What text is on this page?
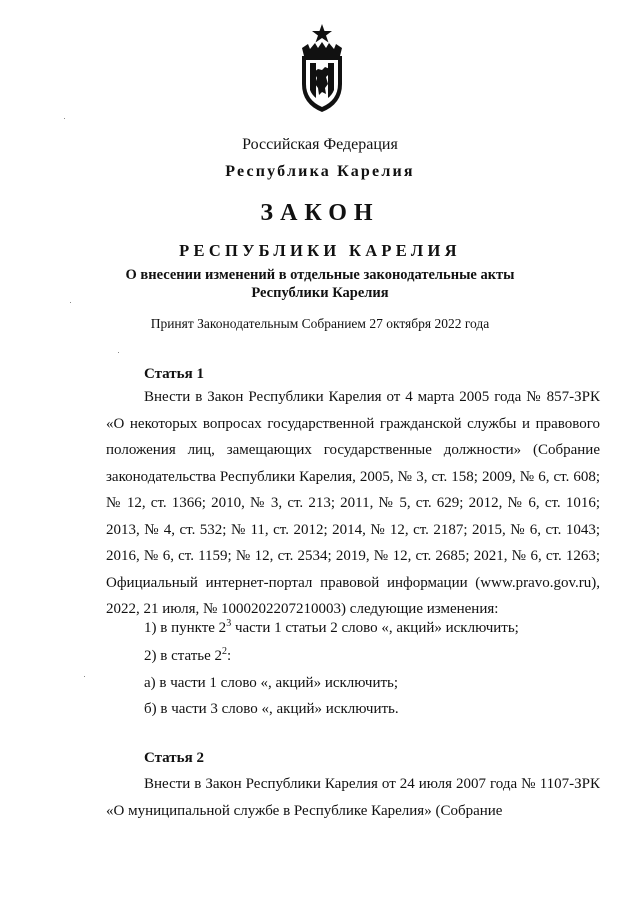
Российская Федерация
Республика Карелия
ЗАКОН
РЕСПУБЛИКИ КАРЕЛИЯ
О внесении изменений в отдельные законодательные акты
Республики Карелия
Принят Законодательным Собранием 27 октября 2022 года
Статья 1
Внести в Закон Республики Карелия от 4 марта 2005 года № 857-ЗРК «О некоторых вопросах государственной гражданской службы и правового положения лиц, замещающих государственные должности» (Собрание законодательства Республики Карелия, 2005, № 3, ст. 158; 2009, № 6, ст. 608; № 12, ст. 1366; 2010, № 3, ст. 213; 2011, № 5, ст. 629; 2012, № 6, ст. 1016; 2013, № 4, ст. 532; № 11, ст. 2012; 2014, № 12, ст. 2187; 2015, № 6, ст. 1043; 2016, № 6, ст. 1159; № 12, ст. 2534; 2019, № 12, ст. 2685; 2021, № 6, ст. 1263; Официальный интернет-портал правовой информации (www.pravo.gov.ru), 2022, 21 июля, № 1000202207210003) следующие изменения:
1) в пункте $2^3$ части 1 статьи 2 слово «, акций» исключить;
2) в статье $2^2$:
а) в части 1 слово «, акций» исключить;
б) в части 3 слово «, акций» исключить.
Статья 2
Внести в Закон Республики Карелия от 24 июля 2007 года № 1107-ЗРК «О муниципальной службе в Республике Карелия» (Собрание
